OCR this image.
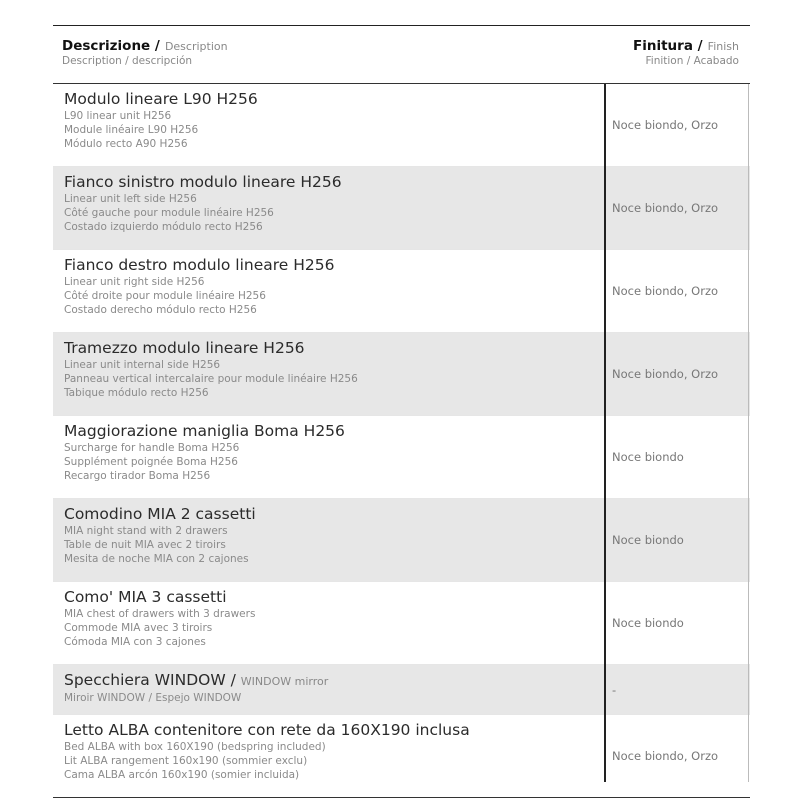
Descrizione / Description
Description / descripción
Finitura / Finish
Finition / Acabado
Modulo lineare L90 H256
L90 linear unit H256
Module linéaire L90 H256
Módulo recto A90 H256
Noce biondo, Orzo
Fianco sinistro modulo lineare H256
Linear unit left side H256
Côté gauche pour module linéaire H256
Costado izquierdo módulo recto H256
Noce biondo, Orzo
Fianco destro modulo lineare H256
Linear unit right side H256
Côté droite pour module linéaire H256
Costado derecho módulo recto H256
Noce biondo, Orzo
Tramezzo modulo lineare H256
Linear unit internal side H256
Panneau vertical intercalaire pour module linéaire H256
Tabique módulo recto H256
Noce biondo, Orzo
Maggiorazione maniglia Boma H256
Surcharge for handle Boma H256
Supplément poignée Boma H256
Recargo tirador Boma H256
Noce biondo
Comodino MIA 2 cassetti
MIA night stand with 2 drawers
Table de nuit MIA avec 2 tiroirs
Mesita de noche MIA con 2 cajones
Noce biondo
Como' MIA 3 cassetti
MIA chest of drawers with 3 drawers
Commode MIA avec 3 tiroirs
Cómoda MIA con 3 cajones
Noce biondo
Specchiera WINDOW / WINDOW mirror
Miroir WINDOW / Espejo WINDOW
-
Letto ALBA contenitore con rete da 160X190 inclusa
Bed ALBA with box 160X190 (bedspring included)
Lit ALBA rangement 160x190 (sommier exclu)
Cama ALBA arcón 160x190 (somier incluida)
Noce biondo, Orzo
